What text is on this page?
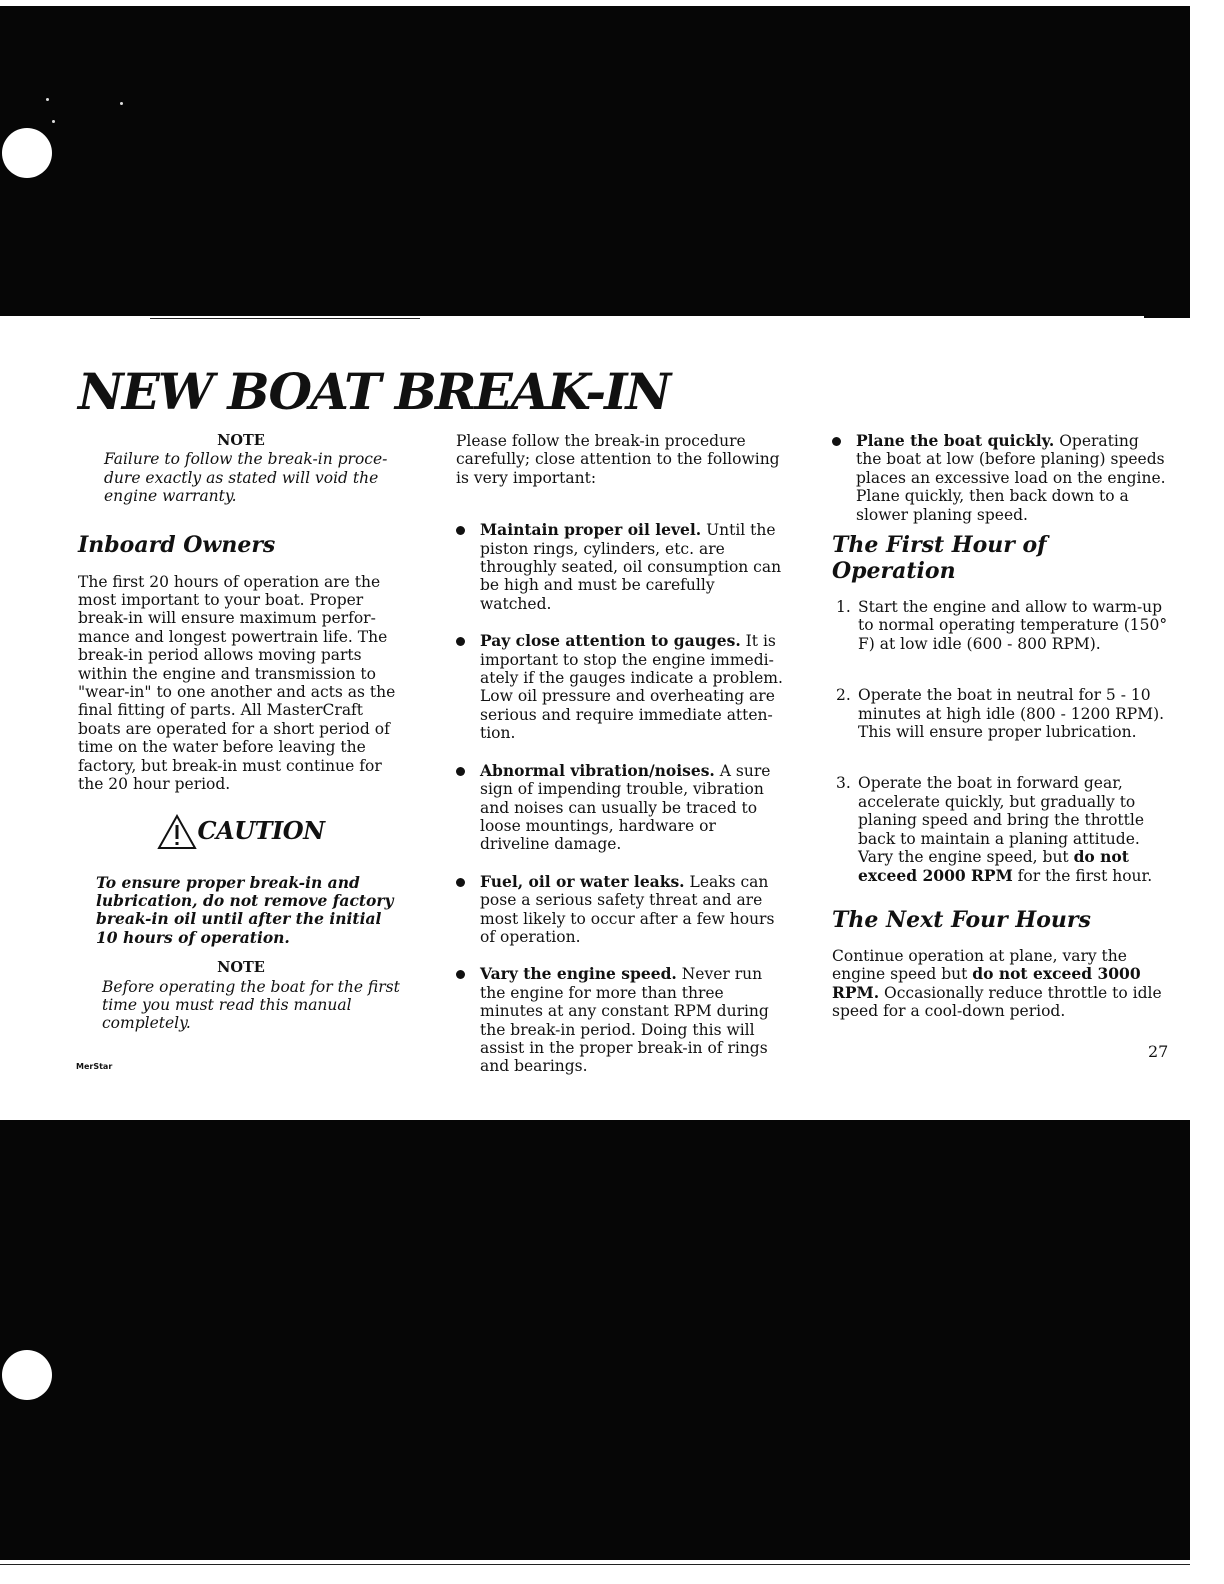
NEW BOAT BREAK-IN

NOTE

Failure to follow the break-in proce-dure exactly as stated will void the engine warranty.

Inboard Owners

The first 20 hours of operation are the most important to your boat. Proper break-in will ensure maximum perfor-mance and longest powertrain life. The break-in period allows moving parts within the engine and transmission to "wear-in" to one another and acts as the final fitting of parts. All MasterCraft boats are operated for a short period of time on the water before leaving the factory, but break-in must continue for the 20 hour period.

CAUTION

To ensure proper break-in and lubrication, do not remove factory break-in oil until after the initial 10 hours of operation.

NOTE

Before operating the boat for the first time you must read this manual completely.

Please follow the break-in procedure carefully; close attention to the following is very important:

Maintain proper oil level. Until the piston rings, cylinders, etc. are throughly seated, oil consumption can be high and must be carefully watched.
Pay close attention to gauges. It is important to stop the engine immedi-ately if the gauges indicate a problem. Low oil pressure and overheating are serious and require immediate atten-tion.
Abnormal vibration/noises. A sure sign of impending trouble, vibration and noises can usually be traced to loose mountings, hardware or driveline damage.
Fuel, oil or water leaks. Leaks can pose a serious safety threat and are most likely to occur after a few hours of operation.
Vary the engine speed. Never run the engine for more than three minutes at any constant RPM during the break-in period. Doing this will assist in the proper break-in of rings and bearings.
Plane the boat quickly. Operating the boat at low (before planing) speeds places an excessive load on the engine. Plane quickly, then back down to a slower planing speed.
The First Hour of Operation
1. Start the engine and allow to warm-up to normal operating temperature (150° F) at low idle (600 - 800 RPM).
2. Operate the boat in neutral for 5 - 10 minutes at high idle (800 - 1200 RPM). This will ensure proper lubrication.
3. Operate the boat in forward gear, accelerate quickly, but gradually to planing speed and bring the throttle back to maintain a planing attitude. Vary the engine speed, but do not exceed 2000 RPM for the first hour.
The Next Four Hours

Continue operation at plane, vary the engine speed but do not exceed 3000 RPM. Occasionally reduce throttle to idle speed for a cool-down period.

27
MerStar
